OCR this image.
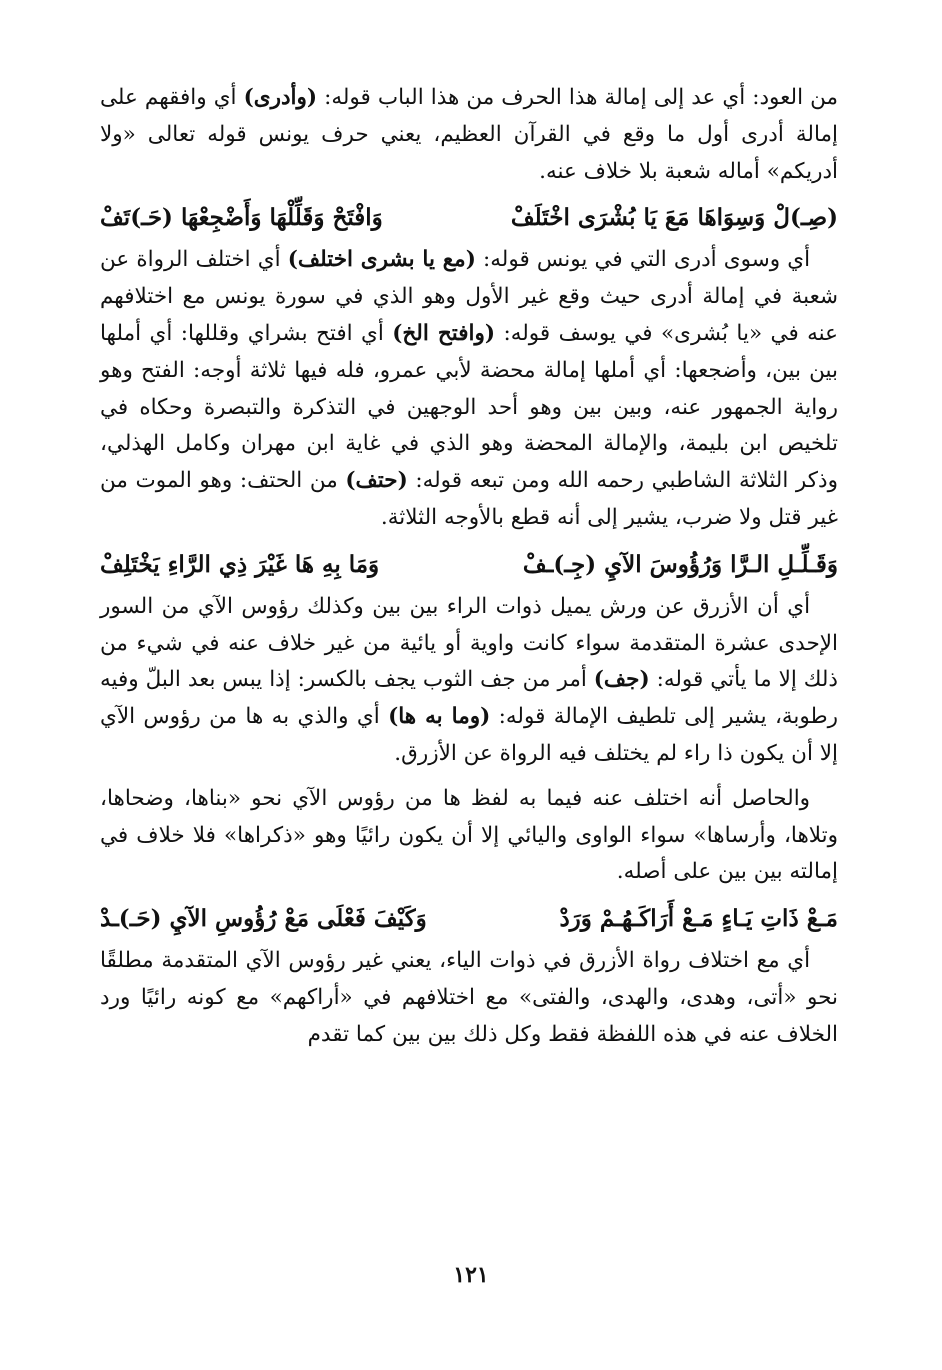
من العود: أي عد إلى إمالة هذا الحرف من هذا الباب قوله: (وأدرى) أي وافقهم على إمالة أدرى أول ما وقع في القرآن العظيم، يعني حرف يونس قوله تعالى «ولا أدريكم» أماله شعبة بلا خلاف عنه.

(صِـ)لْ وَسِوَاهَا مَعَ يَا بُشْرَى اخْتَلَفْ
وَافْتَحْ وَقَلِّلْهَا وَأَضْجِعْهَا (حَـ)تَفْ

أي وسوى أدرى التي في يونس قوله: (مع يا بشرى اختلف) أي اختلف الرواة عن شعبة في إمالة أدرى حيث وقع غير الأول وهو الذي في سورة يونس مع اختلافهم عنه في «يا بُشرى» في يوسف قوله: (وافتح الخ) أي افتح بشراي وقللها: أي أملها بين بين، وأضجعها: أي أملها إمالة محضة لأبي عمرو، فله فيها ثلاثة أوجه: الفتح وهو رواية الجمهور عنه، وبين بين وهو أحد الوجهين في التذكرة والتبصرة وحكاه في تلخيص ابن بليمة، والإمالة المحضة وهو الذي في غاية ابن مهران وكامل الهذلي، وذكر الثلاثة الشاطبي رحمه الله ومن تبعه قوله: (حتف) من الحتف: وهو الموت من غير قتل ولا ضرب، يشير إلى أنه قطع بالأوجه الثلاثة.

وَقَـلِّـلِ الـرَّا وَرُؤُوسَ الآيِ (جِـ)ـفْ
وَمَا بِهِ هَا غَيْرَ ذِي الرَّاءِ يَخْتَلِفْ

أي أن الأزرق عن ورش يميل ذوات الراء بين بين وكذلك رؤوس الآي من السور الإحدى عشرة المتقدمة سواء كانت واوية أو يائية من غير خلاف عنه في شيء من ذلك إلا ما يأتي قوله: (جف) أمر من جف الثوب يجف بالكسر: إذا يبس بعد البلّ وفيه رطوبة، يشير إلى تلطيف الإمالة قوله: (وما به ها) أي والذي به ها من رؤوس الآي إلا أن يكون ذا راء لم يختلف فيه الرواة عن الأزرق.

والحاصل أنه اختلف عنه فيما به لفظ ها من رؤوس الآي نحو «بناها، وضحاها، وتلاها، وأرساها» سواء الواوى واليائي إلا أن يكون رائيًا وهو «ذكراها» فلا خلاف في إمالته بين بين على أصله.

مَـعْ ذَاتِ يَـاءٍ مَـعْ أَرَاكَـهُـمْ وَرَدْ
وَكَيْفَ فَعْلَى مَعْ رُؤُوسِ الآيِ (حَـ)ـدْ

أي مع اختلاف رواة الأزرق في ذوات الياء، يعني غير رؤوس الآي المتقدمة مطلقًا نحو «أتى، وهدى، والهدى، والفتى» مع اختلافهم في «أراكهم» مع كونه رائيًا ورد الخلاف عنه في هذه اللفظة فقط وكل ذلك بين بين كما تقدم

١٢١
